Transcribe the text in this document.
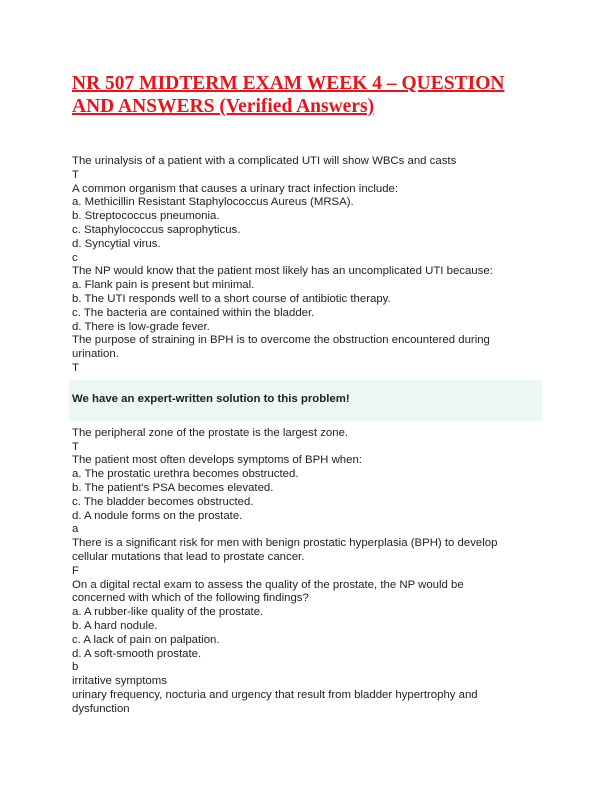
NR 507 MIDTERM EXAM WEEK 4 – QUESTION AND ANSWERS (Verified Answers)
The urinalysis of a patient with a complicated UTI will show WBCs and casts
T
A common organism that causes a urinary tract infection include:
a. Methicillin Resistant Staphylococcus Aureus (MRSA).
b. Streptococcus pneumonia.
c. Staphylococcus saprophyticus.
d. Syncytial virus.
c
The NP would know that the patient most likely has an uncomplicated UTI because:
a. Flank pain is present but minimal.
b. The UTI responds well to a short course of antibiotic therapy.
c. The bacteria are contained within the bladder.
d. There is low-grade fever.
The purpose of straining in BPH is to overcome the obstruction encountered during
urination.
T
We have an expert-written solution to this problem!
The peripheral zone of the prostate is the largest zone.
T
The patient most often develops symptoms of BPH when:
a. The prostatic urethra becomes obstructed.
b. The patient's PSA becomes elevated.
c. The bladder becomes obstructed.
d. A nodule forms on the prostate.
a
There is a significant risk for men with benign prostatic hyperplasia (BPH) to develop
cellular mutations that lead to prostate cancer.
F
On a digital rectal exam to assess the quality of the prostate, the NP would be
concerned with which of the following findings?
a. A rubber-like quality of the prostate.
b. A hard nodule.
c. A lack of pain on palpation.
d. A soft-smooth prostate.
b
irritative symptoms
urinary frequency, nocturia and urgency that result from bladder hypertrophy and
dysfunction
